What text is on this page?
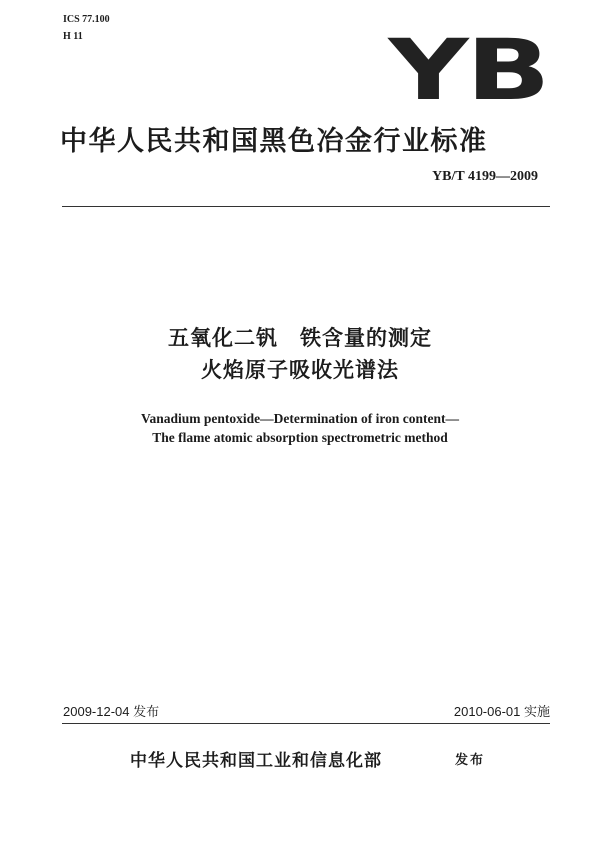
ICS 77.100
H 11	YB
中华人民共和国黑色冶金行业标准
YB/T 4199—2009
五氧化二钒　铁含量的测定
火焰原子吸收光谱法
Vanadium pentoxide—Determination of iron content—
The flame atomic absorption spectrometric method
2009-12-04 发布	2010-06-01 实施
中华人民共和国工业和信息化部	发布
